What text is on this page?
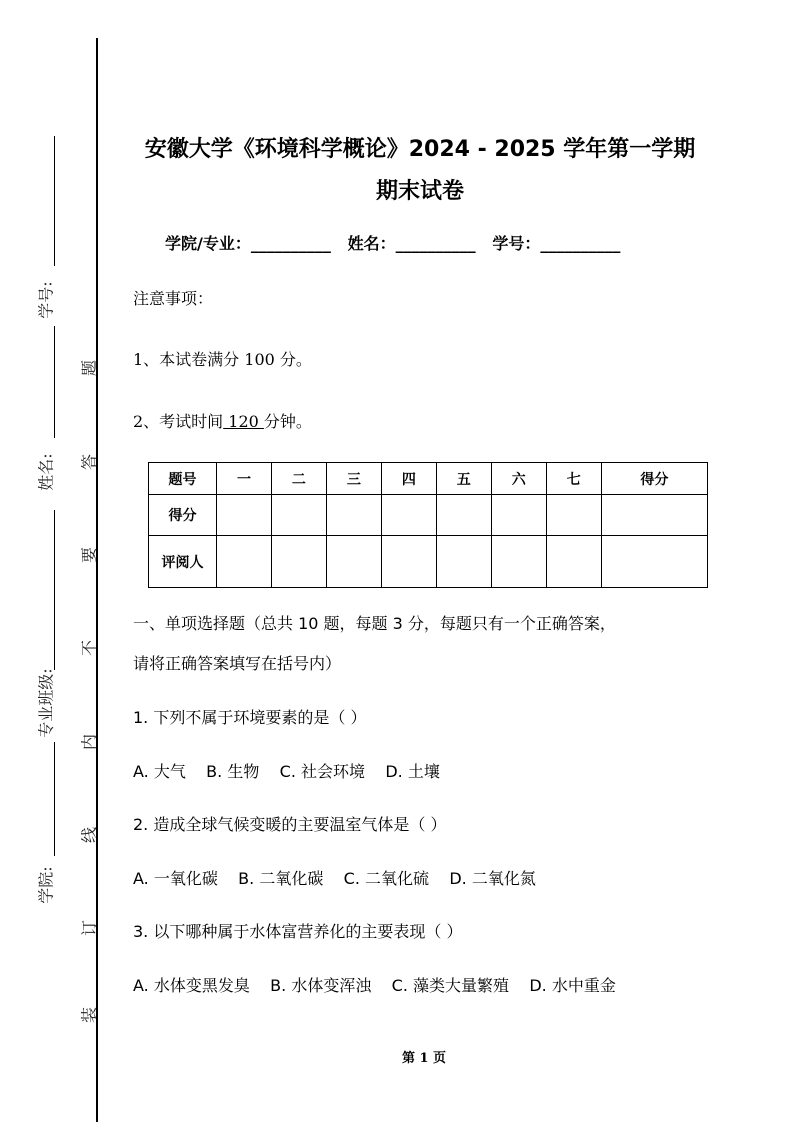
学号:
姓名:
专业班级:
学院:
题
答
要
不
内
线
订
装
安徽大学《环境科学概论》2024 - 2025 学年第一学期
期末试卷
学院/专业：__________ 姓名：__________ 学号：__________
注意事项：
1、本试卷满分 100 分。
2、考试时间 120 分钟。
题号	一	二	三	四	五	六	七	得分
得分								
评阅人								
一、单项选择题（总共 10 题，每题 3 分，每题只有一个正确答案，
请将正确答案填写在括号内）
1. 下列不属于环境要素的是（ ）
A. 大气    B. 生物    C. 社会环境    D. 土壤
2. 造成全球气候变暖的主要温室气体是（ ）
A. 一氧化碳    B. 二氧化碳    C. 二氧化硫    D. 二氧化氮
3. 以下哪种属于水体富营养化的主要表现（ ）
A. 水体变黑发臭    B. 水体变浑浊    C. 藻类大量繁殖    D. 水中重金
第 1 页
